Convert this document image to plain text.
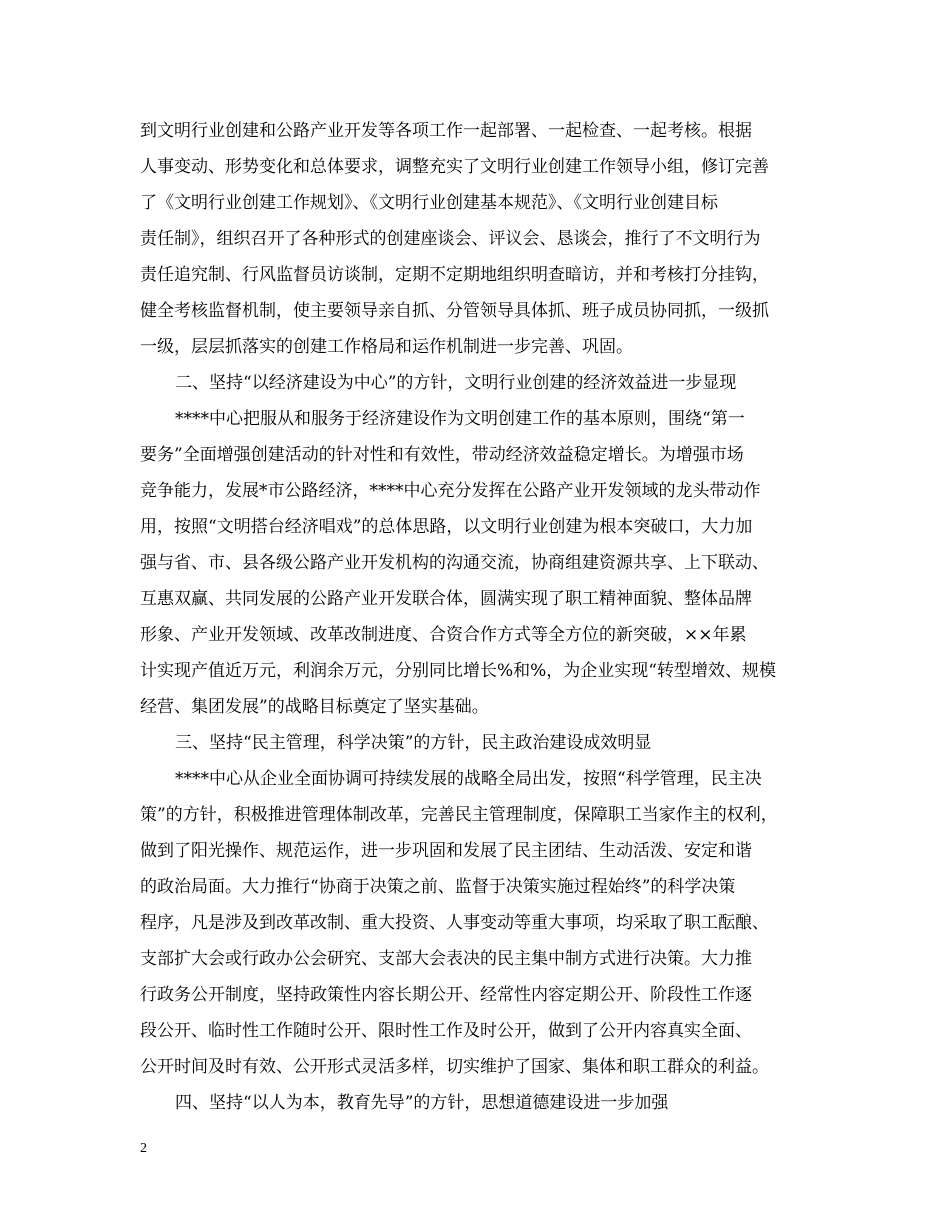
到文明行业创建和公路产业开发等各项工作一起部署、一起检查、一起考核。根据
人事变动、形势变化和总体要求，调整充实了文明行业创建工作领导小组，修订完善
了《文明行业创建工作规划》、《文明行业创建基本规范》、《文明行业创建目标
责任制》，组织召开了各种形式的创建座谈会、评议会、恳谈会，推行了不文明行为
责任追究制、行风监督员访谈制，定期不定期地组织明查暗访，并和考核打分挂钩，
健全考核监督机制，使主要领导亲自抓、分管领导具体抓、班子成员协同抓，一级抓
一级，层层抓落实的创建工作格局和运作机制进一步完善、巩固。
二、坚持“以经济建设为中心”的方针，文明行业创建的经济效益进一步显现
****中心把服从和服务于经济建设作为文明创建工作的基本原则，围绕“第一
要务”全面增强创建活动的针对性和有效性，带动经济效益稳定增长。为增强市场
竞争能力，发展*市公路经济，****中心充分发挥在公路产业开发领域的龙头带动作
用，按照“文明搭台经济唱戏”的总体思路，以文明行业创建为根本突破口，大力加
强与省、市、县各级公路产业开发机构的沟通交流，协商组建资源共享、上下联动、
互惠双赢、共同发展的公路产业开发联合体，圆满实现了职工精神面貌、整体品牌
形象、产业开发领域、改革改制进度、合资合作方式等全方位的新突破，××年累
计实现产值近万元，利润余万元，分别同比增长%和%，为企业实现“转型增效、规模
经营、集团发展”的战略目标奠定了坚实基础。
三、坚持“民主管理，科学决策”的方针，民主政治建设成效明显
****中心从企业全面协调可持续发展的战略全局出发，按照“科学管理，民主决
策”的方针，积极推进管理体制改革，完善民主管理制度，保障职工当家作主的权利，
做到了阳光操作、规范运作，进一步巩固和发展了民主团结、生动活泼、安定和谐
的政治局面。大力推行“协商于决策之前、监督于决策实施过程始终”的科学决策
程序，凡是涉及到改革改制、重大投资、人事变动等重大事项，均采取了职工酝酿、
支部扩大会或行政办公会研究、支部大会表决的民主集中制方式进行决策。大力推
行政务公开制度，坚持政策性内容长期公开、经常性内容定期公开、阶段性工作逐
段公开、临时性工作随时公开、限时性工作及时公开，做到了公开内容真实全面、
公开时间及时有效、公开形式灵活多样，切实维护了国家、集体和职工群众的利益。
四、坚持“以人为本，教育先导”的方针，思想道德建设进一步加强
2
